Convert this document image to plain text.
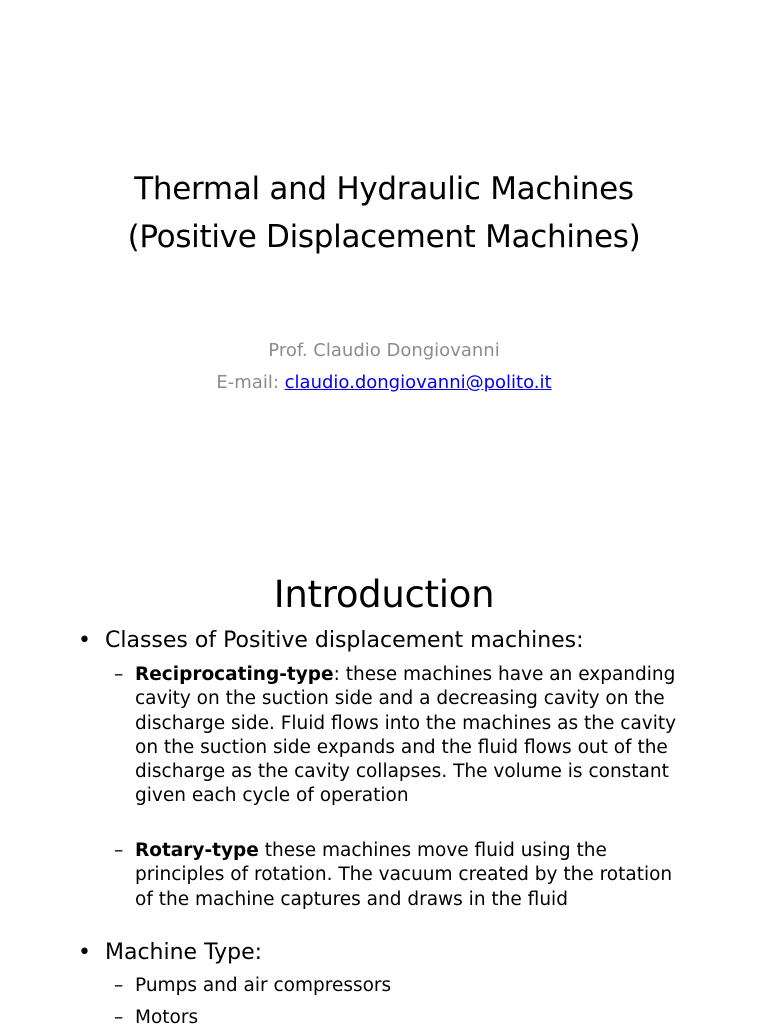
Thermal and Hydraulic Machines
(Positive Displacement Machines)
Prof. Claudio Dongiovanni
E-mail: claudio.dongiovanni@polito.it
Introduction
• Classes of Positive displacement machines:
– Reciprocating-type: these machines have an expanding cavity on the suction side and a decreasing cavity on the discharge side. Fluid flows into the machines as the cavity on the suction side expands and the fluid flows out of the discharge as the cavity collapses. The volume is constant given each cycle of operation
– Rotary-type these machines move fluid using the principles of rotation. The vacuum created by the rotation of the machine captures and draws in the fluid
• Machine Type:
– Pumps and air compressors
– Motors
